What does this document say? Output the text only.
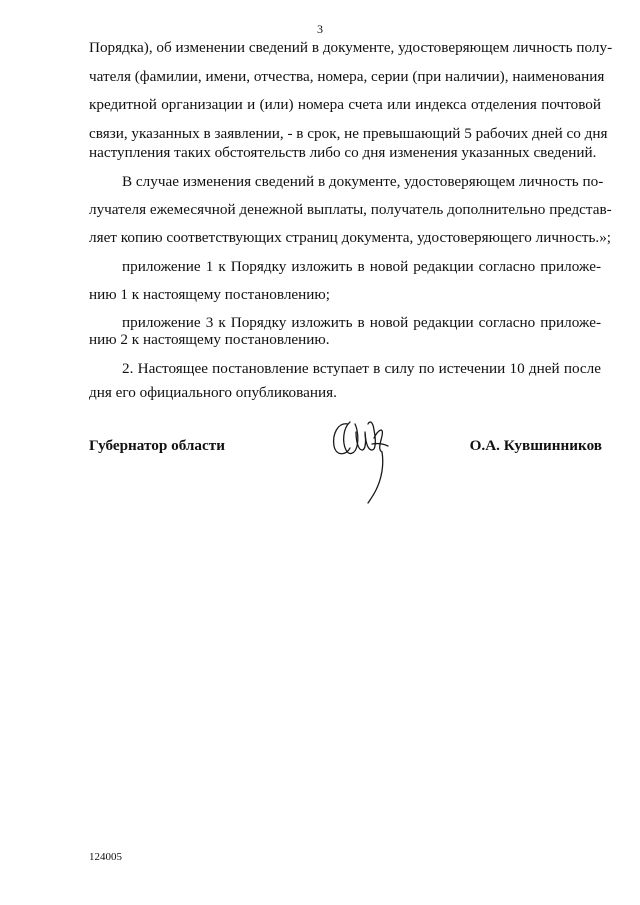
3
Порядка), об изменении сведений в документе, удостоверяющем личность полу-
чателя (фамилии, имени, отчества, номера, серии (при наличии), наименования
кредитной организации и (или) номера счета или индекса отделения почтовой
связи, указанных в заявлении, - в срок, не превышающий 5 рабочих дней со дня
наступления таких обстоятельств либо со дня изменения указанных сведений.
В случае изменения сведений в документе, удостоверяющем личность по-
лучателя ежемесячной денежной выплаты, получатель дополнительно представ-
ляет копию соответствующих страниц документа, удостоверяющего личность.»;
приложение 1 к Порядку изложить в новой редакции согласно приложе-
нию 1 к настоящему постановлению;
приложение 3 к Порядку изложить в новой редакции согласно приложе-
нию 2 к настоящему постановлению.
2. Настоящее постановление вступает в силу по истечении 10 дней после
дня его официального опубликования.
Губернатор области	О.А. Кувшинников
124005
